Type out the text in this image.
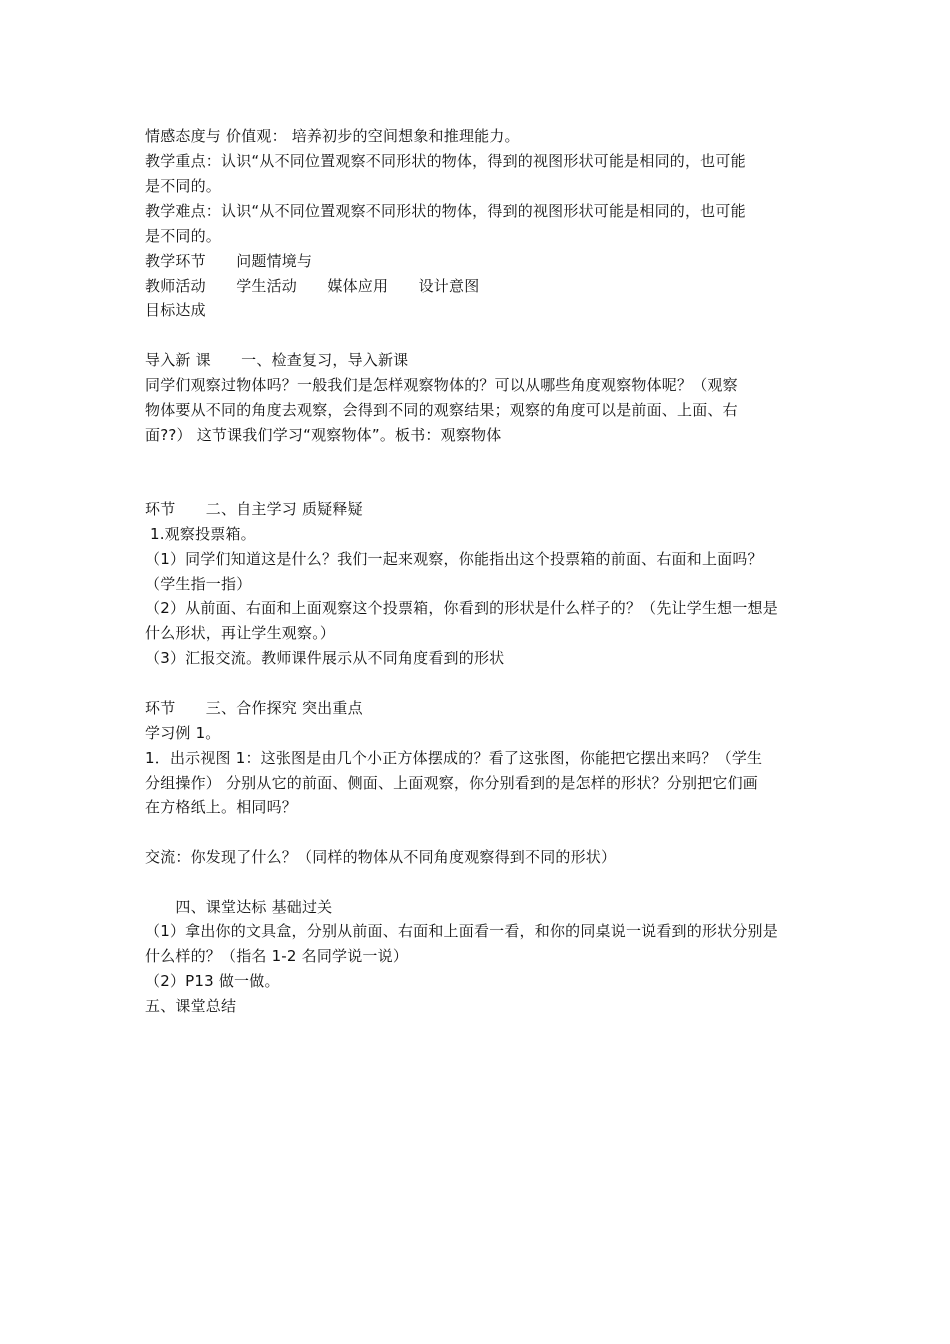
情感态度与 价值观： 培养初步的空间想象和推理能力。
教学重点：认识“从不同位置观察不同形状的物体，得到的视图形状可能是相同的，也可能
是不同的。
教学难点：认识“从不同位置观察不同形状的物体，得到的视图形状可能是相同的，也可能
是不同的。
教学环节　　问题情境与
教师活动　　学生活动　　媒体应用　　设计意图
目标达成
导入新 课　　一、检查复习，导入新课
同学们观察过物体吗？一般我们是怎样观察物体的？可以从哪些角度观察物体呢？（观察
物体要从不同的角度去观察，会得到不同的观察结果；观察的角度可以是前面、上面、右
面??） 这节课我们学习“观察物体”。板书：观察物体
环节　　二、自主学习 质疑释疑
1.观察投票箱。
（1）同学们知道这是什么？我们一起来观察，你能指出这个投票箱的前面、右面和上面吗？
（学生指一指）
（2）从前面、右面和上面观察这个投票箱，你看到的形状是什么样子的？（先让学生想一想是
什么形状，再让学生观察。）
（3）汇报交流。教师课件展示从不同角度看到的形状
环节　　三、合作探究 突出重点
学习例 1。
1．出示视图 1：这张图是由几个小正方体摆成的？看了这张图，你能把它摆出来吗？（学生
分组操作） 分别从它的前面、侧面、上面观察，你分别看到的是怎样的形状？分别把它们画
在方格纸上。相同吗？
交流：你发现了什么？（同样的物体从不同角度观察得到不同的形状）
　　四、课堂达标 基础过关
（1）拿出你的文具盒，分别从前面、右面和上面看一看，和你的同桌说一说看到的形状分别是
什么样的？（指名 1-2 名同学说一说）
（2）P13 做一做。
五、课堂总结
